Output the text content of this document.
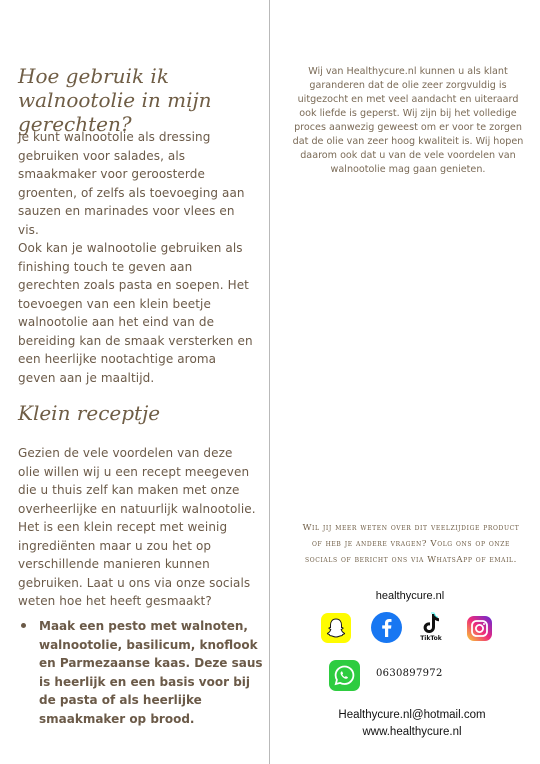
Hoe gebruik ik walnootolie in mijn gerechten?

Je kunt walnootolie als dressing gebruiken voor salades, als smaakmaker voor geroosterde groenten, of zelfs als toevoeging aan sauzen en marinades voor vlees en vis.
Ook kan je walnootolie gebruiken als finishing touch te geven aan gerechten zoals pasta en soepen. Het toevoegen van een klein beetje walnootolie aan het eind van de bereiding kan de smaak versterken en een heerlijke nootachtige aroma geven aan je maaltijd.

Klein receptje

Gezien de vele voordelen van deze olie willen wij u een recept meegeven die u thuis zelf kan maken met onze overheerlijke en natuurlijk walnootolie. Het is een klein recept met weinig ingrediënten maar u zou het op verschillende manieren kunnen gebruiken. Laat u ons via onze socials weten hoe het heeft gesmaakt?

Maak een pesto met walnoten, walnootolie, basilicum, knoflook en Parmezaanse kaas. Deze saus is heerlijk en een basis voor bij de pasta of als heerlijke smaakmaker op brood.

Wij van Healthycure.nl kunnen u als klant garanderen dat de olie zeer zorgvuldig is uitgezocht en met veel aandacht en uiteraard ook liefde is geperst. Wij zijn bij het volledige proces aanwezig geweest om er voor te zorgen dat de olie van zeer hoog kwaliteit is. Wij hopen daarom ook dat u van de vele voordelen van walnootolie mag gaan genieten.

Wil jij meer weten over dit veelzijdige product of heb je andere vragen? Volg ons op onze socials of bericht ons via WhatsApp of email.

healthycure.nl
TikTok
0630897972
Healthycure.nl@hotmail.com
www.healthycure.nl
